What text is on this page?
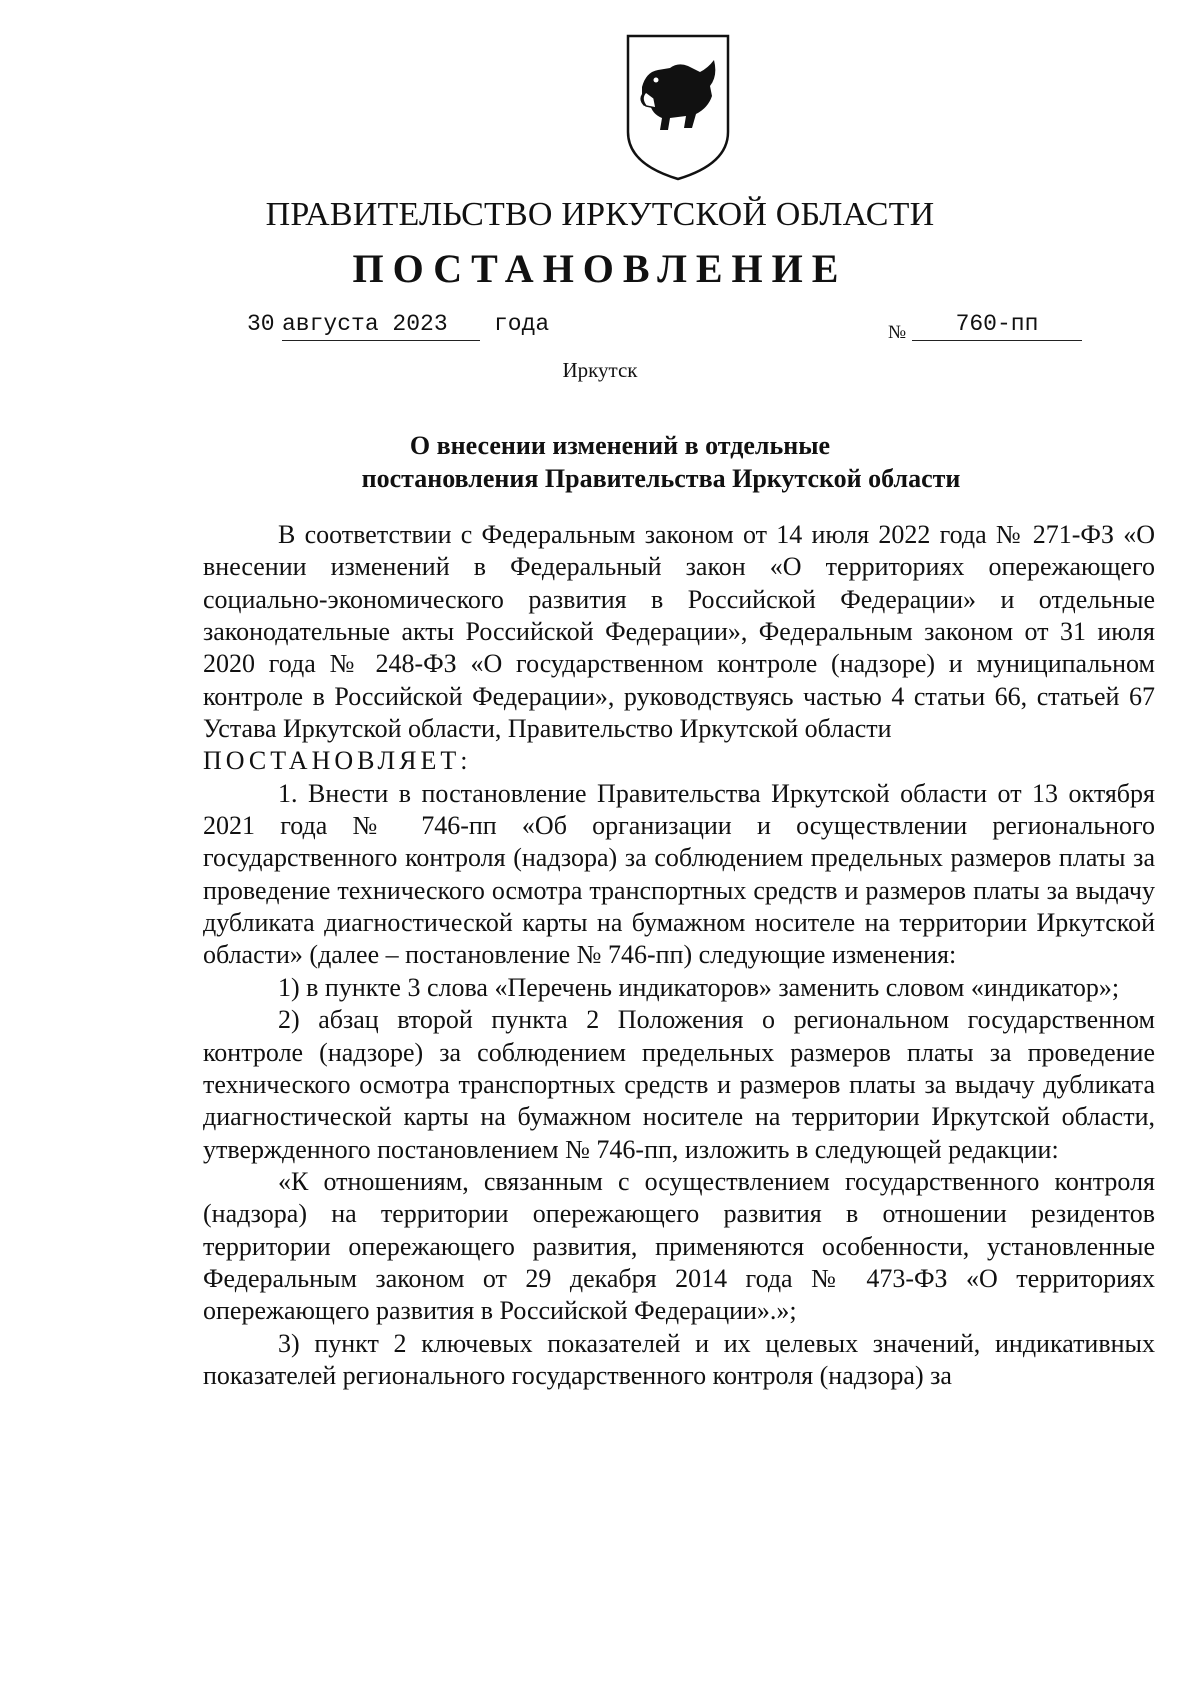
ПРАВИТЕЛЬСТВО ИРКУТСКОЙ ОБЛАСТИ
ПОСТАНОВЛЕНИЕ
30 августа 2023	года	№	760-пп
Иркутск
О внесении изменений в отдельные
постановления Правительства Иркутской области

В соответствии с Федеральным законом от 14 июля 2022 года № 271-ФЗ «О внесении изменений в Федеральный закон «О территориях опережающего социально-экономического развития в Российской Федерации» и отдельные законодательные акты Российской Федерации», Федеральным законом от 31 июля 2020 года № 248-ФЗ «О государственном контроле (надзоре) и муниципальном контроле в Российской Федерации», руководствуясь частью 4 статьи 66, статьей 67 Устава Иркутской области, Правительство Иркутской области

ПОСТАНОВЛЯЕТ:

1. Внести в постановление Правительства Иркутской области от 13 октября 2021 года № 746-пп «Об организации и осуществлении регионального государственного контроля (надзора) за соблюдением предельных размеров платы за проведение технического осмотра транспортных средств и размеров платы за выдачу дубликата диагностической карты на бумажном носителе на территории Иркутской области» (далее – постановление № 746-пп) следующие изменения:

1) в пункте 3 слова «Перечень индикаторов» заменить словом «индикатор»;

2) абзац второй пункта 2 Положения о региональном государственном контроле (надзоре) за соблюдением предельных размеров платы за проведение технического осмотра транспортных средств и размеров платы за выдачу дубликата диагностической карты на бумажном носителе на территории Иркутской области, утвержденного постановлением № 746-пп, изложить в следующей редакции:

«К отношениям, связанным с осуществлением государственного контроля (надзора) на территории опережающего развития в отношении резидентов территории опережающего развития, применяются особенности, установленные Федеральным законом от 29 декабря 2014 года № 473-ФЗ «О территориях опережающего развития в Российской Федерации».»;

3) пункт 2 ключевых показателей и их целевых значений, индикативных показателей регионального государственного контроля (надзора) за
